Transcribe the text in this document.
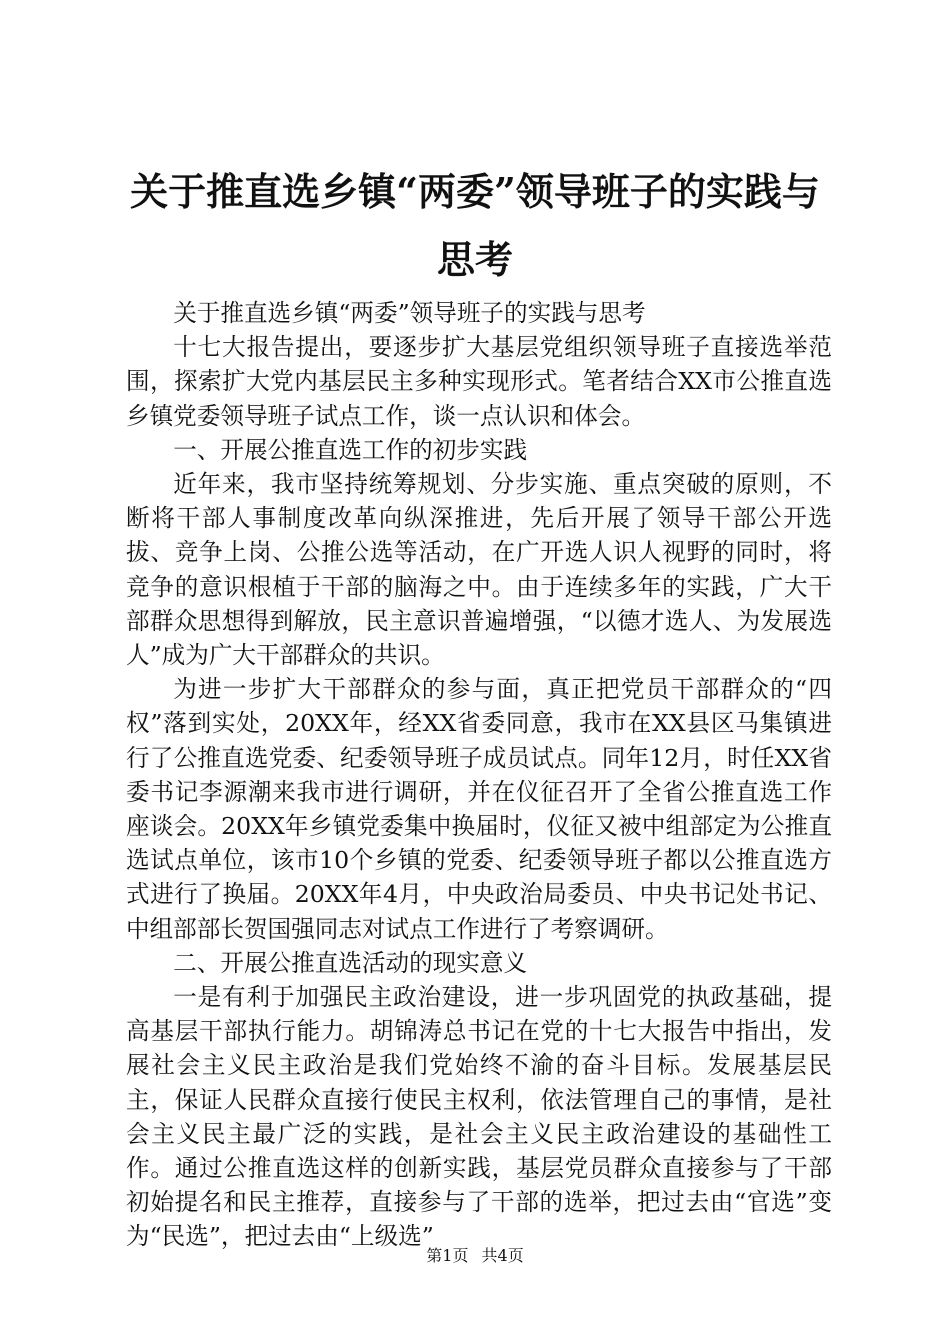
关于推直选乡镇“两委”领导班子的实践与思考

关于推直选乡镇“两委”领导班子的实践与思考

十七大报告提出，要逐步扩大基层党组织领导班子直接选举范围，探索扩大党内基层民主多种实现形式。笔者结合XX市公推直选乡镇党委领导班子试点工作，谈一点认识和体会。

一、开展公推直选工作的初步实践

近年来，我市坚持统筹规划、分步实施、重点突破的原则，不断将干部人事制度改革向纵深推进，先后开展了领导干部公开选拔、竞争上岗、公推公选等活动，在广开选人识人视野的同时，将竞争的意识根植于干部的脑海之中。由于连续多年的实践，广大干部群众思想得到解放，民主意识普遍增强，“以德才选人、为发展选人”成为广大干部群众的共识。

为进一步扩大干部群众的参与面，真正把党员干部群众的“四权”落到实处，20XX年，经XX省委同意，我市在XX县区马集镇进行了公推直选党委、纪委领导班子成员试点。同年12月，时任XX省委书记李源潮来我市进行调研，并在仪征召开了全省公推直选工作座谈会。20XX年乡镇党委集中换届时，仪征又被中组部定为公推直选试点单位，该市10个乡镇的党委、纪委领导班子都以公推直选方式进行了换届。20XX年4月，中央政治局委员、中央书记处书记、中组部部长贺国强同志对试点工作进行了考察调研。

二、开展公推直选活动的现实意义

一是有利于加强民主政治建设，进一步巩固党的执政基础，提高基层干部执行能力。胡锦涛总书记在党的十七大报告中指出，发展社会主义民主政治是我们党始终不渝的奋斗目标。发展基层民主，保证人民群众直接行使民主权利，依法管理自己的事情，是社会主义民主最广泛的实践，是社会主义民主政治建设的基础性工作。通过公推直选这样的创新实践，基层党员群众直接参与了干部初始提名和民主推荐，直接参与了干部的选举，把过去由“官选”变为“民选”，把过去由“上级选”

第1页 共4页
